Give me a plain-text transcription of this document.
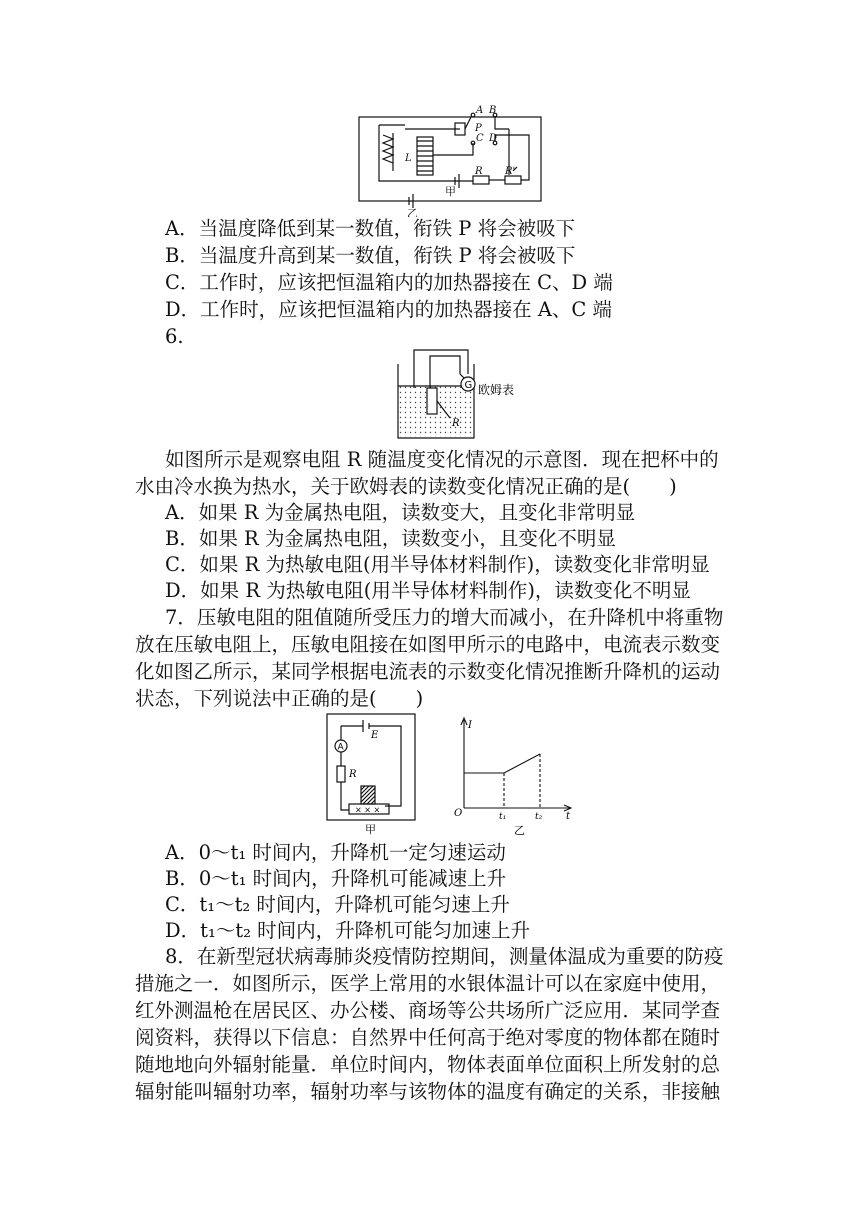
A B
P
C D
L
R R'
甲
乙
A．当温度降低到某一数值，衔铁 P 将会被吸下
B．当温度升高到某一数值，衔铁 P 将会被吸下
C．工作时，应该把恒温箱内的加热器接在 C、D 端
D．工作时，应该把恒温箱内的加热器接在 A、C 端
6.
G 欧姆表
R
如图所示是观察电阻 R 随温度变化情况的示意图．现在把杯中的
水由冷水换为热水，关于欧姆表的读数变化情况正确的是(　　)
A．如果 R 为金属热电阻，读数变大，且变化非常明显
B．如果 R 为金属热电阻，读数变小，且变化不明显
C．如果 R 为热敏电阻(用半导体材料制作)，读数变化非常明显
D．如果 R 为热敏电阻(用半导体材料制作)，读数变化不明显
7．压敏电阻的阻值随所受压力的增大而减小，在升降机中将重物
放在压敏电阻上，压敏电阻接在如图甲所示的电路中，电流表示数变
化如图乙所示，某同学根据电流表的示数变化情况推断升降机的运动
状态，下列说法中正确的是(　　)
A
E
R
× × ×
甲
I
O	t₁	t₂ t
乙
A．0～t₁ 时间内，升降机一定匀速运动
B．0～t₁ 时间内，升降机可能减速上升
C．t₁～t₂ 时间内，升降机可能匀速上升
D．t₁～t₂ 时间内，升降机可能匀加速上升
8．在新型冠状病毒肺炎疫情防控期间，测量体温成为重要的防疫
措施之一．如图所示，医学上常用的水银体温计可以在家庭中使用，
红外测温枪在居民区、办公楼、商场等公共场所广泛应用．某同学查
阅资料，获得以下信息：自然界中任何高于绝对零度的物体都在随时
随地地向外辐射能量．单位时间内，物体表面单位面积上所发射的总
辐射能叫辐射功率，辐射功率与该物体的温度有确定的关系，非接触
